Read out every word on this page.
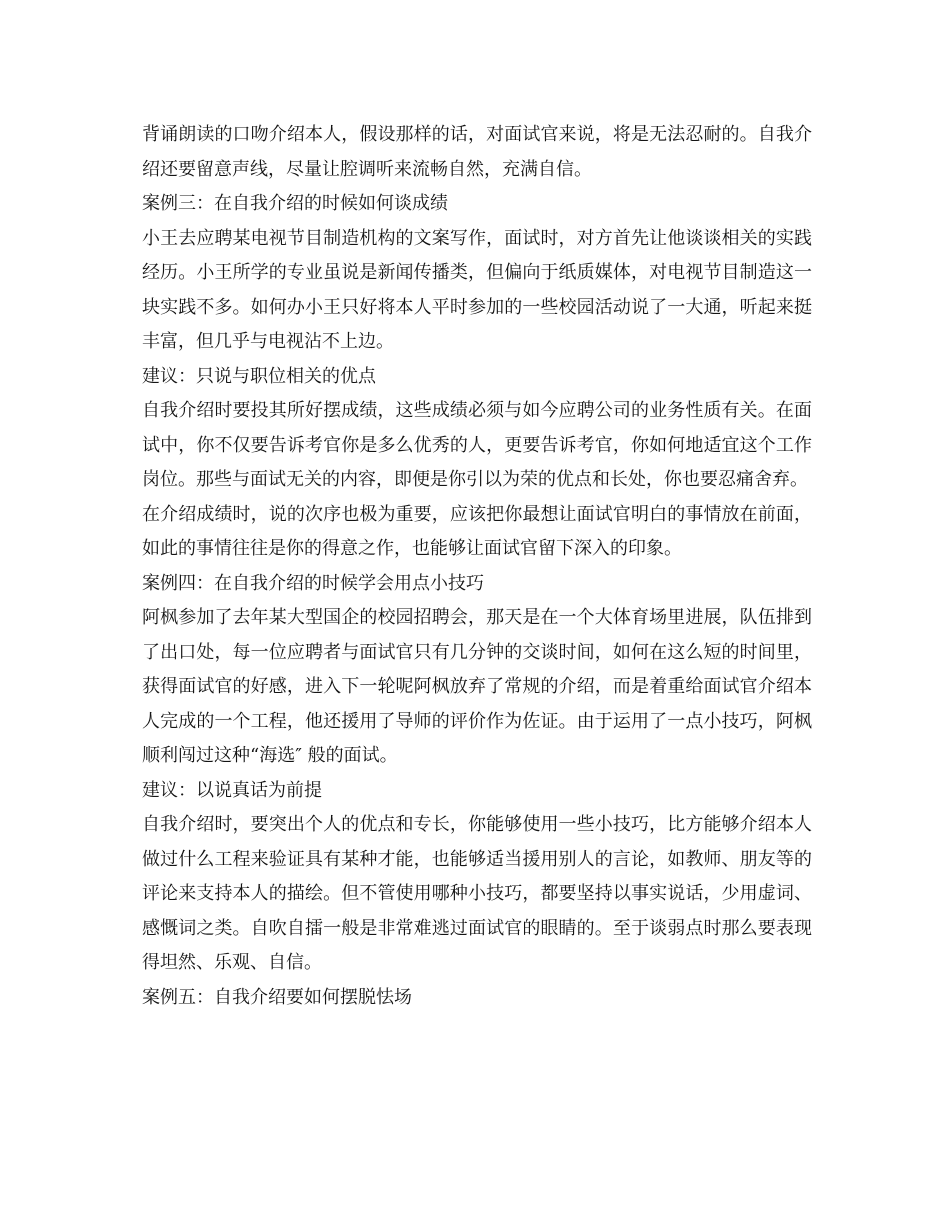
背诵朗读的口吻介绍本人，假设那样的话，对面试官来说，将是无法忍耐的。自我介绍还要留意声线，尽量让腔调听来流畅自然，充满自信。

案例三：在自我介绍的时候如何谈成绩

小王去应聘某电视节目制造机构的文案写作，面试时，对方首先让他谈谈相关的实践经历。小王所学的专业虽说是新闻传播类，但偏向于纸质媒体，对电视节目制造这一块实践不多。如何办小王只好将本人平时参加的一些校园活动说了一大通，听起来挺丰富，但几乎与电视沾不上边。

建议：只说与职位相关的优点

自我介绍时要投其所好摆成绩，这些成绩必须与如今应聘公司的业务性质有关。在面试中，你不仅要告诉考官你是多么优秀的人，更要告诉考官，你如何地适宜这个工作岗位。那些与面试无关的内容，即便是你引以为荣的优点和长处，你也要忍痛舍弃。

在介绍成绩时，说的次序也极为重要，应该把你最想让面试官明白的事情放在前面，如此的事情往往是你的得意之作，也能够让面试官留下深入的印象。

案例四：在自我介绍的时候学会用点小技巧

阿枫参加了去年某大型国企的校园招聘会，那天是在一个大体育场里进展，队伍排到了出口处，每一位应聘者与面试官只有几分钟的交谈时间，如何在这么短的时间里，获得面试官的好感，进入下一轮呢阿枫放弃了常规的介绍，而是着重给面试官介绍本人完成的一个工程，他还援用了导师的评价作为佐证。由于运用了一点小技巧，阿枫顺利闯过这种“海选″ 般的面试。

建议：以说真话为前提

自我介绍时，要突出个人的优点和专长，你能够使用一些小技巧，比方能够介绍本人做过什么工程来验证具有某种才能，也能够适当援用别人的言论，如教师、朋友等的评论来支持本人的描绘。但不管使用哪种小技巧，都要坚持以事实说话，少用虚词、感慨词之类。自吹自擂一般是非常难逃过面试官的眼睛的。至于谈弱点时那么要表现得坦然、乐观、自信。

案例五：自我介绍要如何摆脱怯场
